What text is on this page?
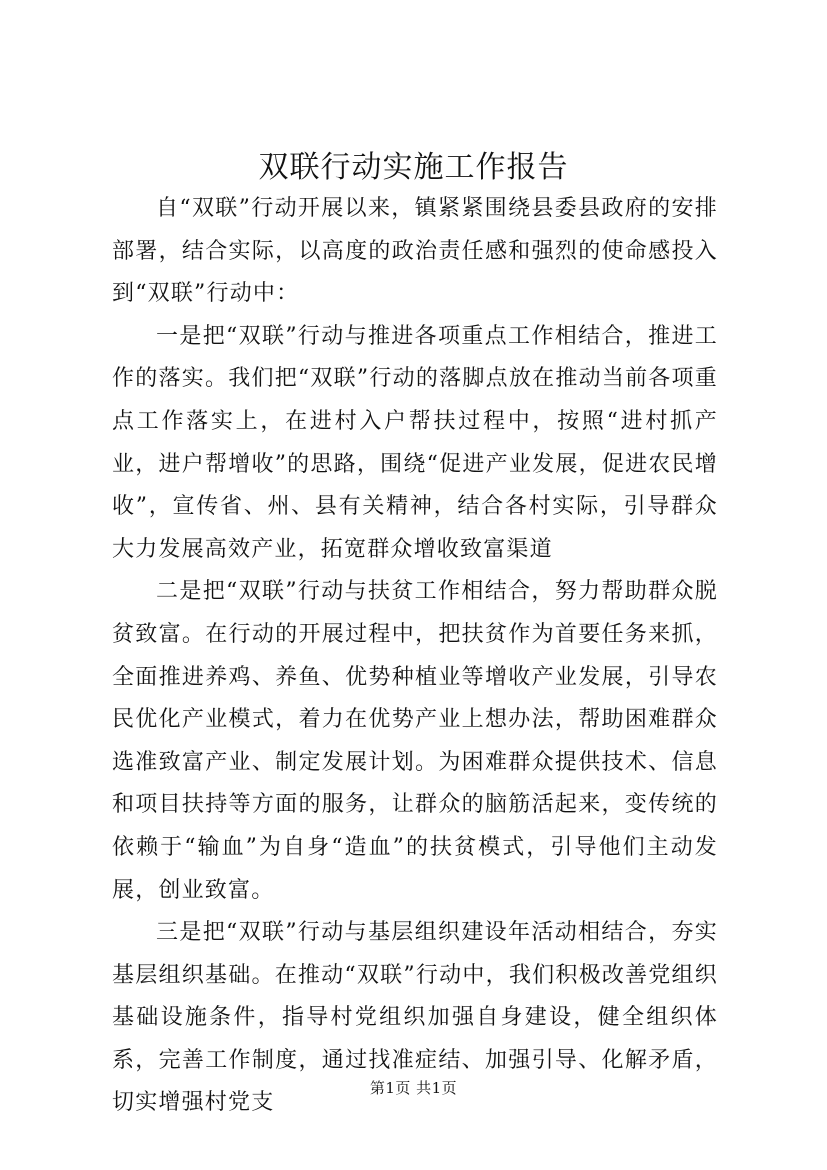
双联行动实施工作报告

自“双联”行动开展以来，镇紧紧围绕县委县政府的安排部署，结合实际，以高度的政治责任感和强烈的使命感投入到“双联”行动中：

一是把“双联”行动与推进各项重点工作相结合，推进工作的落实。我们把“双联”行动的落脚点放在推动当前各项重点工作落实上，在进村入户帮扶过程中，按照“进村抓产业，进户帮增收”的思路，围绕“促进产业发展，促进农民增收”，宣传省、州、县有关精神，结合各村实际，引导群众大力发展高效产业，拓宽群众增收致富渠道

二是把“双联”行动与扶贫工作相结合，努力帮助群众脱贫致富。在行动的开展过程中，把扶贫作为首要任务来抓，全面推进养鸡、养鱼、优势种植业等增收产业发展，引导农民优化产业模式，着力在优势产业上想办法，帮助困难群众选准致富产业、制定发展计划。为困难群众提供技术、信息和项目扶持等方面的服务，让群众的脑筋活起来，变传统的依赖于“输血”为自身“造血”的扶贫模式，引导他们主动发展，创业致富。

三是把“双联”行动与基层组织建设年活动相结合，夯实基层组织基础。在推动“双联”行动中，我们积极改善党组织基础设施条件，指导村党组织加强自身建设，健全组织体系，完善工作制度，通过找准症结、加强引导、化解矛盾，切实增强村党支

第1页 共1页
